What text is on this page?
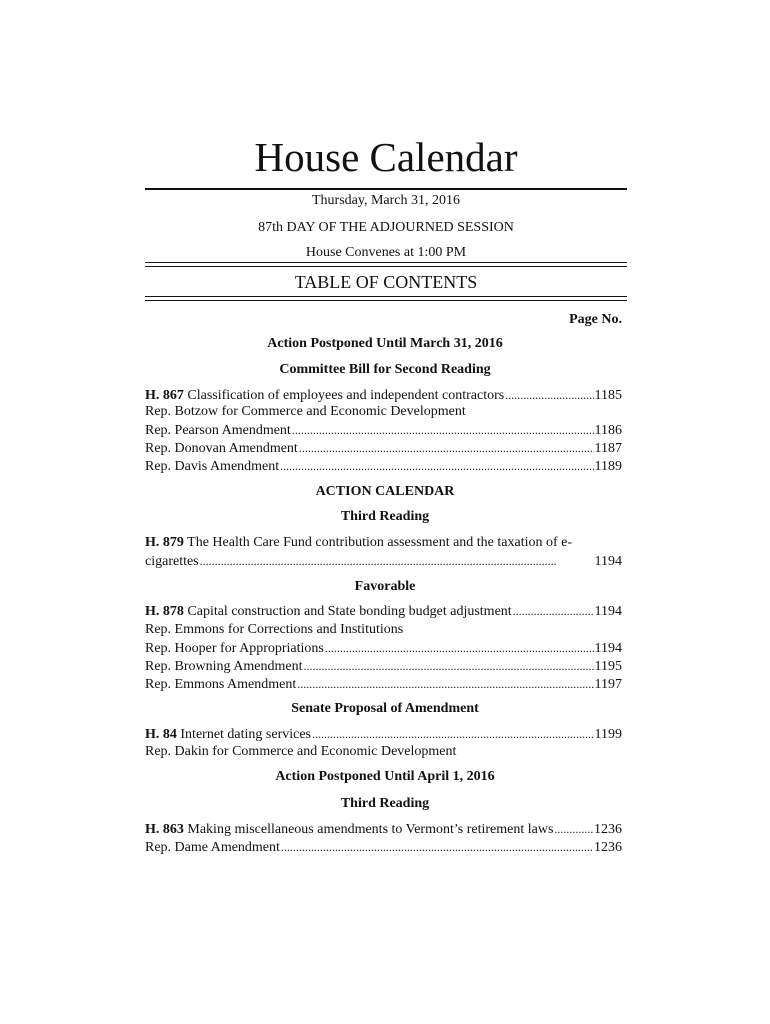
House Calendar
Thursday, March 31, 2016
87th DAY OF THE ADJOURNED SESSION
House Convenes at 1:00 PM
TABLE OF CONTENTS
Page No.
Action Postponed Until March 31, 2016
Committee Bill for Second Reading
H. 867 Classification of employees and independent contractors . . .	1185
Rep. Botzow for Commerce and Economic Development
Rep. Pearson Amendment . . .	1186
Rep. Donovan Amendment . . .	1187
Rep. Davis Amendment . . .	1189
ACTION CALENDAR
Third Reading
H. 879 The Health Care Fund contribution assessment and the taxation of e-
cigarettes . . .	1194
Favorable
H. 878 Capital construction and State bonding budget adjustment . . .	1194
Rep. Emmons for Corrections and Institutions
Rep. Hooper for Appropriations . . .	1194
Rep. Browning Amendment . . .	1195
Rep. Emmons Amendment . . .	1197
Senate Proposal of Amendment
H. 84 Internet dating services . . .	1199
Rep. Dakin for Commerce and Economic Development
Action Postponed Until April 1, 2016
Third Reading
H. 863 Making miscellaneous amendments to Vermont’s retirement laws . . .	1236
Rep. Dame Amendment . . .	1236
